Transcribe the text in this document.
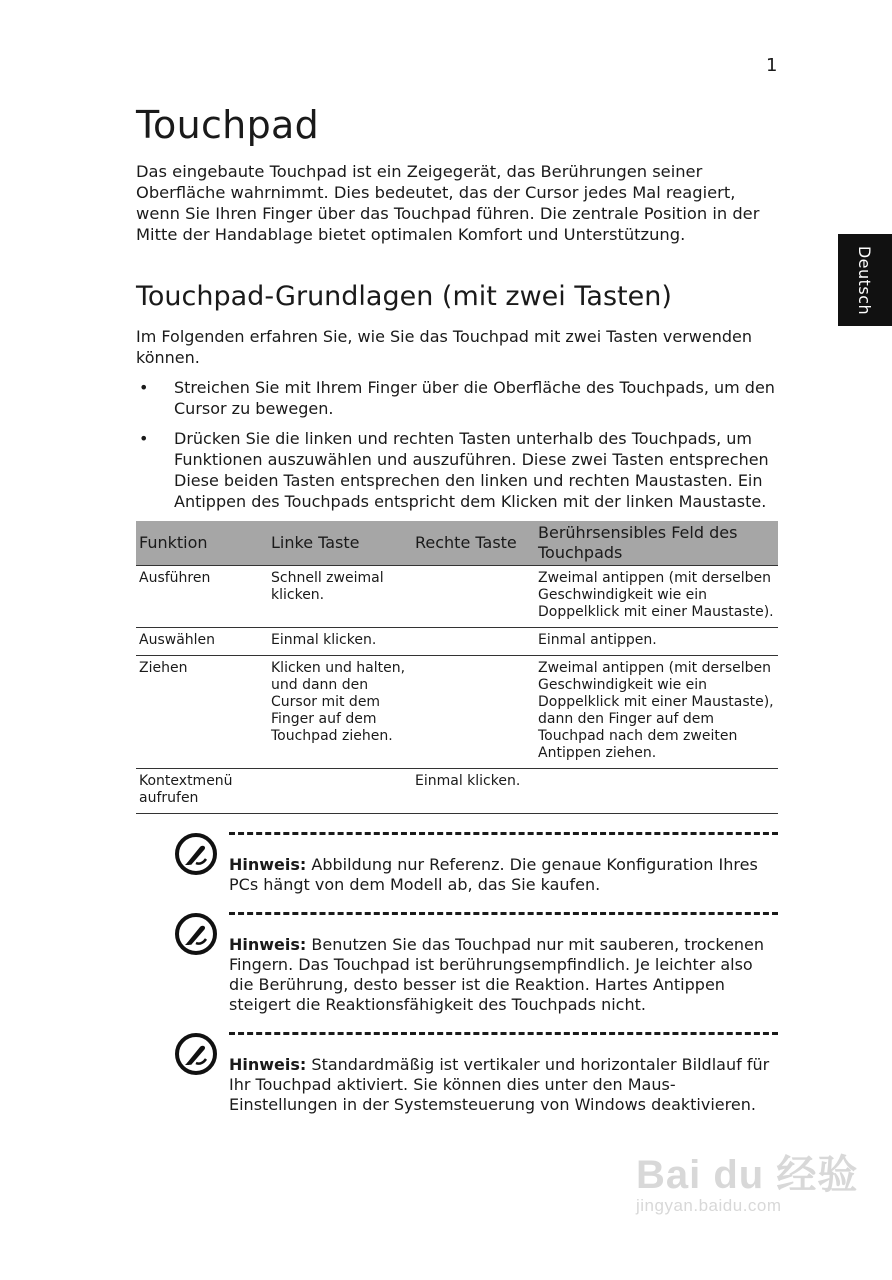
1
Deutsch
Touchpad

Das eingebaute Touchpad ist ein Zeigegerät, das Berührungen seiner Oberfläche wahrnimmt. Dies bedeutet, das der Cursor jedes Mal reagiert, wenn Sie Ihren Finger über das Touchpad führen. Die zentrale Position in der Mitte der Handablage bietet optimalen Komfort und Unterstützung.

Touchpad-Grundlagen (mit zwei Tasten)

Im Folgenden erfahren Sie, wie Sie das Touchpad mit zwei Tasten verwenden können.

• Streichen Sie mit Ihrem Finger über die Oberfläche des Touchpads, um den Cursor zu bewegen.
• Drücken Sie die linken und rechten Tasten unterhalb des Touchpads, um Funktionen auszuwählen und auszuführen. Diese zwei Tasten entsprechen Diese beiden Tasten entsprechen den linken und rechten Maustasten. Ein Antippen des Touchpads entspricht dem Klicken mit der linken Maustaste.
Funktion	Linke Taste	Rechte Taste	Berührsensibles Feld des Touchpads
Ausführen	Schnell zweimal klicken.		Zweimal antippen (mit derselben Geschwindigkeit wie ein Doppelklick mit einer Maustaste).
Auswählen	Einmal klicken.		Einmal antippen.
Ziehen	Klicken und halten, und dann den Cursor mit dem Finger auf dem Touchpad ziehen.		Zweimal antippen (mit derselben Geschwindigkeit wie ein Doppelklick mit einer Maustaste), dann den Finger auf dem Touchpad nach dem zweiten Antippen ziehen.
Kontextmenü aufrufen		Einmal klicken.	

Hinweis: Abbildung nur Referenz. Die genaue Konfiguration Ihres PCs hängt von dem Modell ab, das Sie kaufen.

Hinweis: Benutzen Sie das Touchpad nur mit sauberen, trockenen Fingern. Das Touchpad ist berührungsempfindlich. Je leichter also die Berührung, desto besser ist die Reaktion. Hartes Antippen steigert die Reaktionsfähigkeit des Touchpads nicht.

Hinweis: Standardmäßig ist vertikaler und horizontaler Bildlauf für Ihr Touchpad aktiviert. Sie können dies unter den Maus-Einstellungen in der Systemsteuerung von Windows deaktivieren.

Bai du 经验
jingyan.baidu.com
